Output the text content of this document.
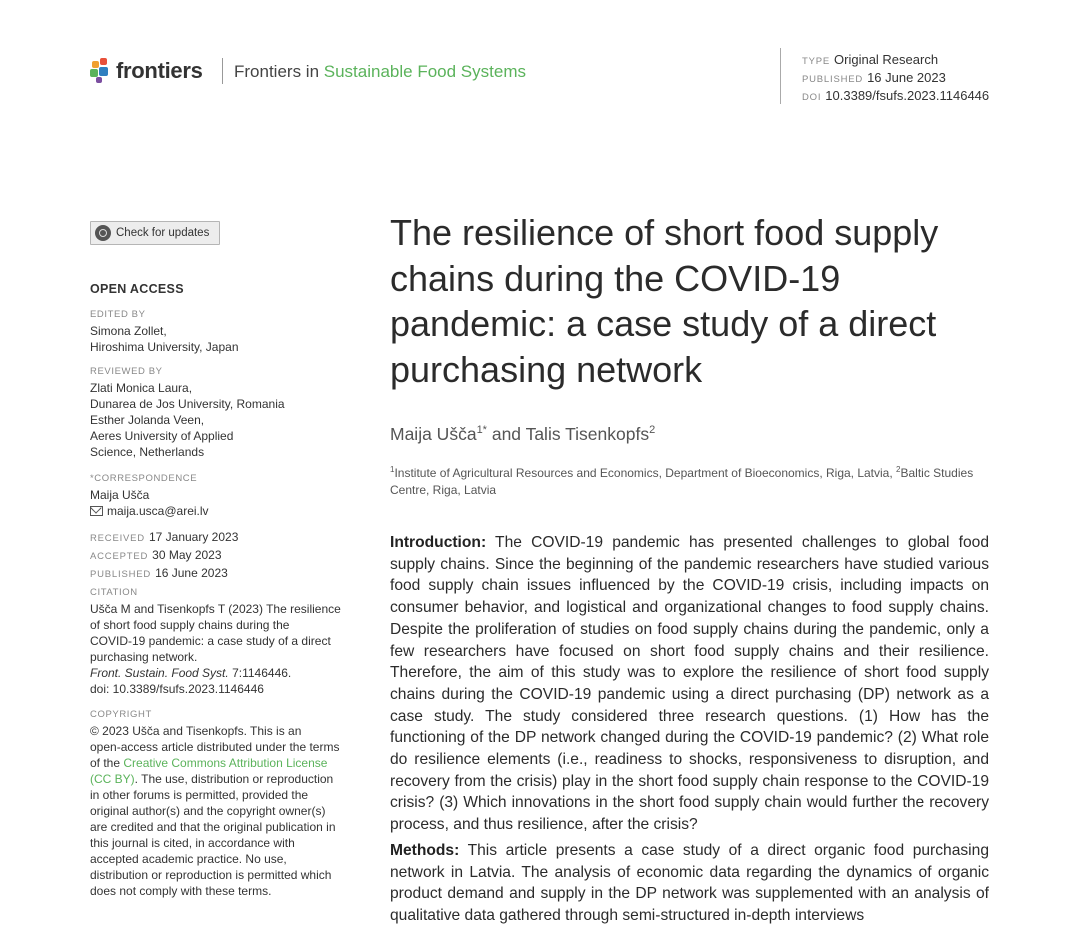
frontiers Frontiers in Sustainable Food Systems
TYPE Original Research
PUBLISHED 16 June 2023
DOI 10.3389/fsufs.2023.1146446
Check for updates
OPEN ACCESS
EDITED BY
Simona Zollet,
Hiroshima University, Japan
REVIEWED BY
Zlati Monica Laura,
Dunarea de Jos University, Romania
Esther Jolanda Veen,
Aeres University of Applied
Science, Netherlands
*CORRESPONDENCE
Maija Ušča
maija.usca@arei.lv
RECEIVED 17 January 2023
ACCEPTED 30 May 2023
PUBLISHED 16 June 2023
CITATION
Ušča M and Tisenkopfs T (2023) The resilience
of short food supply chains during the
COVID-19 pandemic: a case study of a direct
purchasing network.
Front. Sustain. Food Syst. 7:1146446.
doi: 10.3389/fsufs.2023.1146446
COPYRIGHT
© 2023 Ušča and Tisenkopfs. This is an
open-access article distributed under the terms
of the Creative Commons Attribution License
(CC BY). The use, distribution or reproduction
in other forums is permitted, provided the
original author(s) and the copyright owner(s)
are credited and that the original publication in
this journal is cited, in accordance with
accepted academic practice. No use,
distribution or reproduction is permitted which
does not comply with these terms.
The resilience of short food supply chains during the COVID-19 pandemic: a case study of a direct purchasing network
Maija Ušča$^{1*}$ and Talis Tisenkopfs$^2$
$^1$Institute of Agricultural Resources and Economics, Department of Bioeconomics, Riga, Latvia, $^2$Baltic Studies Centre, Riga, Latvia

Introduction: The COVID-19 pandemic has presented challenges to global food supply chains. Since the beginning of the pandemic researchers have studied various food supply chain issues influenced by the COVID-19 crisis, including impacts on consumer behavior, and logistical and organizational changes to food supply chains. Despite the proliferation of studies on food supply chains during the pandemic, only a few researchers have focused on short food supply chains and their resilience. Therefore, the aim of this study was to explore the resilience of short food supply chains during the COVID-19 pandemic using a direct purchasing (DP) network as a case study. The study considered three research questions. (1) How has the functioning of the DP network changed during the COVID-19 pandemic? (2) What role do resilience elements (i.e., readiness to shocks, responsiveness to disruption, and recovery from the crisis) play in the short food supply chain response to the COVID-19 crisis? (3) Which innovations in the short food supply chain would further the recovery process, and thus resilience, after the crisis?

Methods: This article presents a case study of a direct organic food purchasing network in Latvia. The analysis of economic data regarding the dynamics of organic product demand and supply in the DP network was supplemented with an analysis of qualitative data gathered through semi-structured in-depth interviews
